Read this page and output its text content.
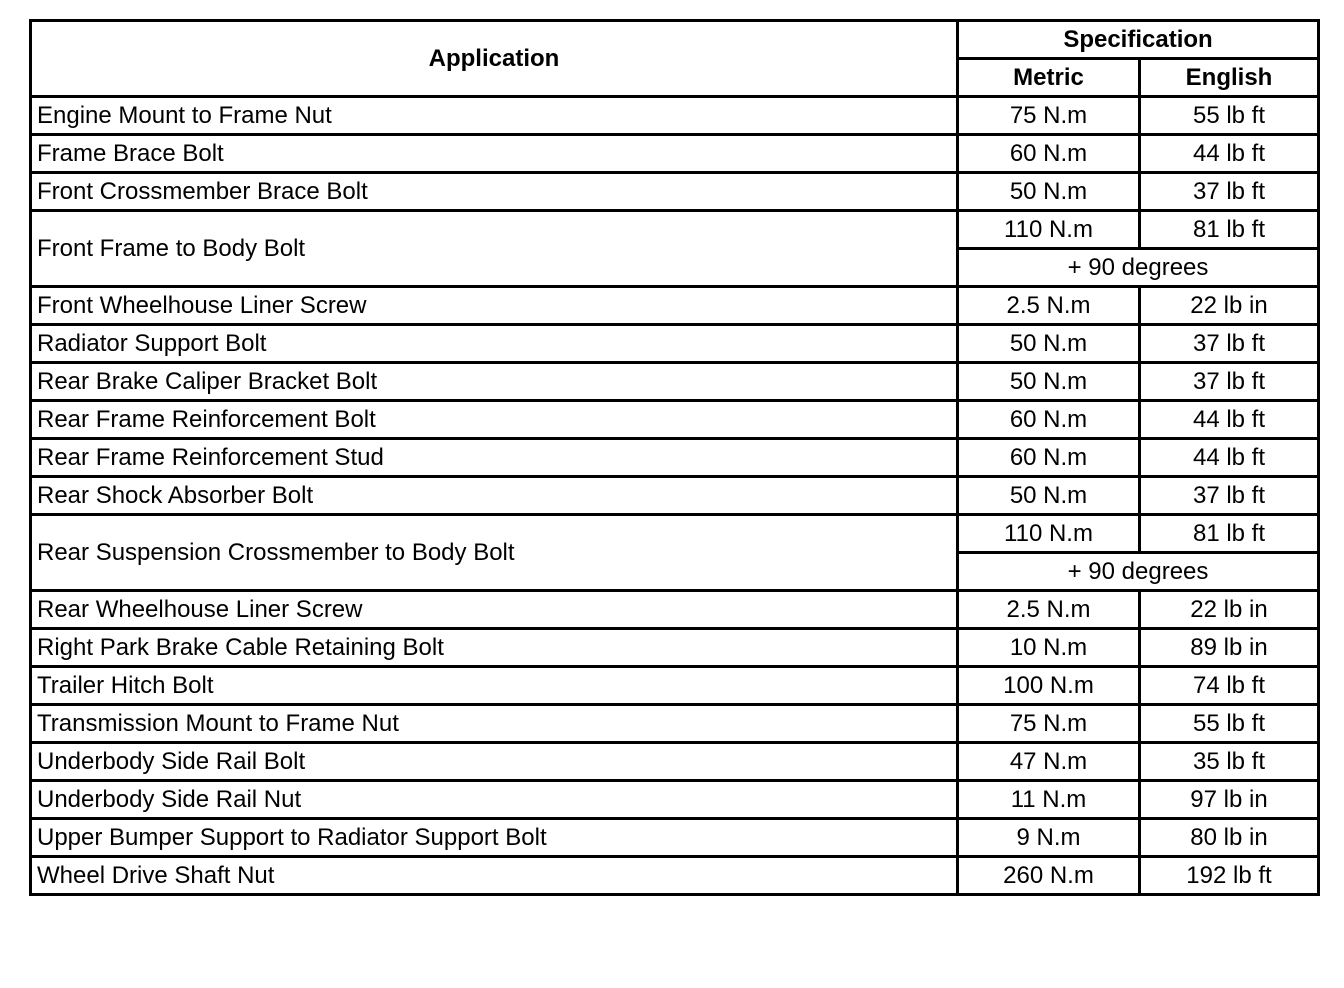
Application	Specification	
	Metric	English
Engine Mount to Frame Nut	75 N.m	55 lb ft
Frame Brace Bolt	60 N.m	44 lb ft
Front Crossmember Brace Bolt	50 N.m	37 lb ft
Front Frame to Body Bolt	110 N.m	81 lb ft
	+ 90 degrees	
Front Wheelhouse Liner Screw	2.5 N.m	22 lb in
Radiator Support Bolt	50 N.m	37 lb ft
Rear Brake Caliper Bracket Bolt	50 N.m	37 lb ft
Rear Frame Reinforcement Bolt	60 N.m	44 lb ft
Rear Frame Reinforcement Stud	60 N.m	44 lb ft
Rear Shock Absorber Bolt	50 N.m	37 lb ft
Rear Suspension Crossmember to Body Bolt	110 N.m	81 lb ft
	+ 90 degrees	
Rear Wheelhouse Liner Screw	2.5 N.m	22 lb in
Right Park Brake Cable Retaining Bolt	10 N.m	89 lb in
Trailer Hitch Bolt	100 N.m	74 lb ft
Transmission Mount to Frame Nut	75 N.m	55 lb ft
Underbody Side Rail Bolt	47 N.m	35 lb ft
Underbody Side Rail Nut	11 N.m	97 lb in
Upper Bumper Support to Radiator Support Bolt	9 N.m	80 lb in
Wheel Drive Shaft Nut	260 N.m	192 lb ft
